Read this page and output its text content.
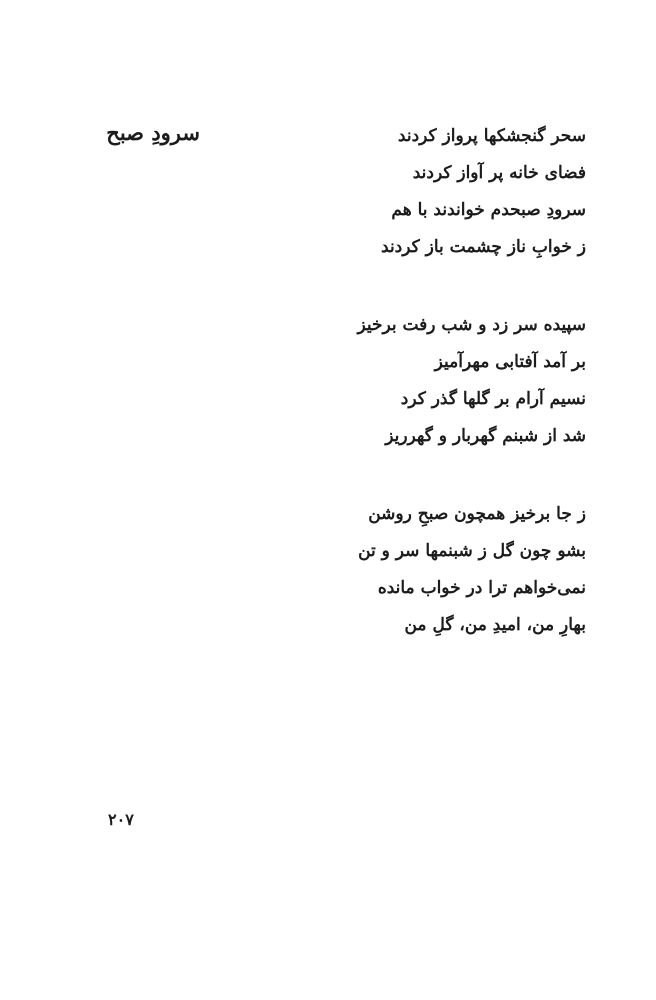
سرودِ صبح	سحر گنجشکها پرواز کردند
فضای خانه پر آواز کردند
سرودِ صبحدم خواندند با هم
ز خوابِ ناز چشمت باز کردند
سپیده سر زد و شب رفت برخیز
بر آمد آفتابی مهرآمیز
نسیم آرام بر گلها گذر کرد
شد از شبنم گهربار و گهرریز
ز جا برخیز همچون صبحِ روشن
بشو چون گل ز شبنمها سر و تن
نمی‌خواهم ترا در خواب مانده
بهارِ من، امیدِ من، گلِ من
۲۰۷
